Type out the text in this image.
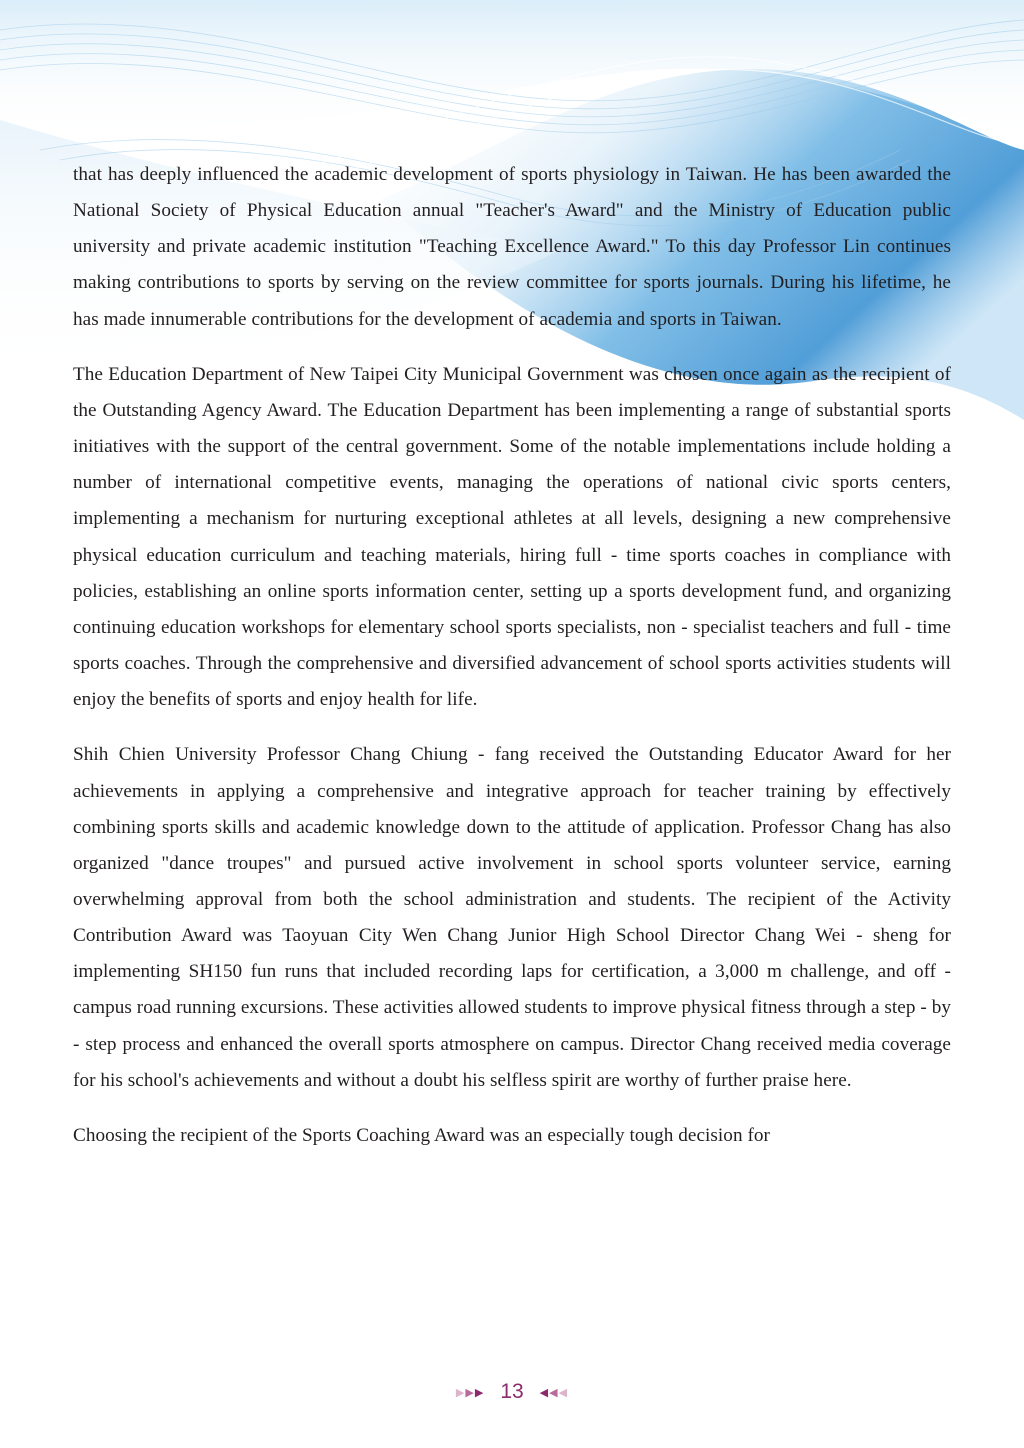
that has deeply influenced the academic development of sports physiology in Taiwan. He has been awarded the National Society of Physical Education annual "Teacher's Award" and the Ministry of Education public university and private academic institution "Teaching Excellence Award." To this day Professor Lin continues making contributions to sports by serving on the review committee for sports journals. During his lifetime, he has made innumerable contributions for the development of academia and sports in Taiwan.

The Education Department of New Taipei City Municipal Government was chosen once again as the recipient of the Outstanding Agency Award. The Education Department has been implementing a range of substantial sports initiatives with the support of the central government. Some of the notable implementations include holding a number of international competitive events, managing the operations of national civic sports centers, implementing a mechanism for nurturing exceptional athletes at all levels, designing a new comprehensive physical education curriculum and teaching materials, hiring full - time sports coaches in compliance with policies, establishing an online sports information center, setting up a sports development fund, and organizing continuing education workshops for elementary school sports specialists, non - specialist teachers and full - time sports coaches. Through the comprehensive and diversified advancement of school sports activities students will enjoy the benefits of sports and enjoy health for life.

Shih Chien University Professor Chang Chiung - fang received the Outstanding Educator Award for her achievements in applying a comprehensive and integrative approach for teacher training by effectively combining sports skills and academic knowledge down to the attitude of application. Professor Chang has also organized "dance troupes" and pursued active involvement in school sports volunteer service, earning overwhelming approval from both the school administration and students. The recipient of the Activity Contribution Award was Taoyuan City Wen Chang Junior High School Director Chang Wei - sheng for implementing SH150 fun runs that included recording laps for certification, a 3,000 m challenge, and off - campus road running excursions. These activities allowed students to improve physical fitness through a step - by - step process and enhanced the overall sports atmosphere on campus. Director Chang received media coverage for his school's achievements and without a doubt his selfless spirit are worthy of further praise here.

Choosing the recipient of the Sports Coaching Award was an especially tough decision for

▶ ▶ ▶ 13 ◀ ◀ ◀
